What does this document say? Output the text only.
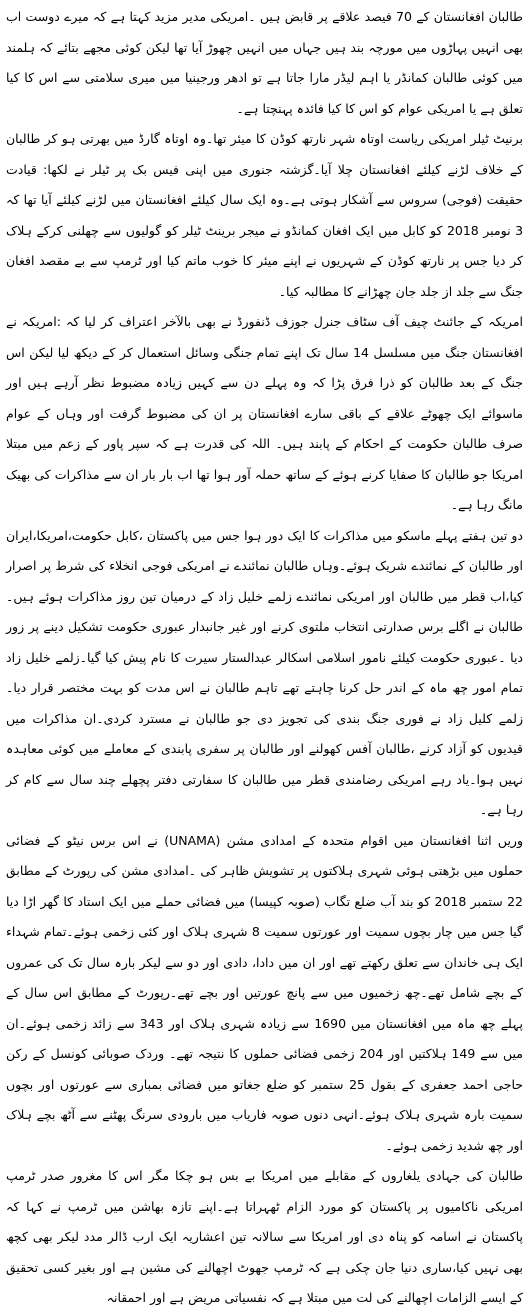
طالبان افغانستان کے 70 فیصد علاقے پر قابض ہیں ۔امریکی مدیر مزید کہتا ہے کہ میرے دوست اب بھی انہیں پہاڑوں میں مورچہ بند ہیں جہاں میں انہیں چھوڑ آیا تھا لیکن کوئی مجھے بتائے کہ ہلمند میں کوئی طالبان کمانڈر یا اہم لیڈر مارا جاتا ہے تو ادھر ورجینیا میں میری سلامتی سے اس کا کیا تعلق ہے یا امریکی عوام کو اس کا کیا فائدہ پہنچتا ہے۔

برنیٹ ٹیلر امریکی ریاست اوتاہ شہر نارتھ کوڈن کا میئر تھا۔وہ اوتاہ گارڈ میں بھرتی ہو کر طالبان کے خلاف لڑنے کیلئے افغانستان چلا آیا۔گزشتہ جنوری میں اپنی فیس بک پر ٹیلر نے لکھا: قیادت حقیقت (فوجی) سروس سے آشکار ہوتی ہے۔وہ ایک سال کیلئے افغانستان میں لڑنے کیلئے آیا تھا کہ 3 نومبر 2018 کو کابل میں ایک افغان کمانڈو نے میجر برینٹ ٹیلر کو گولیوں سے چھلنی کرکے ہلاک کر دیا جس پر نارتھ کوڈن کے شہریوں نے اپنے میئر کا خوب ماتم کیا اور ٹرمپ سے بے مقصد افغان جنگ سے جلد از جلد جان چھڑانے کا مطالبہ کیا۔

امریکہ کے جائنٹ چیف آف سٹاف جنرل جوزف ڈنفورڈ نے بھی بالآخر اعتراف کر لیا کہ :امریکہ نے افغانستان جنگ میں مسلسل 14 سال تک اپنے تمام جنگی وسائل استعمال کر کے دیکھ لیا لیکن اس جنگ کے بعد طالبان کو ذرا فرق پڑا کہ وہ پہلے دن سے کہیں زیادہ مضبوط نظر آرہے ہیں اور ماسوائے ایک چھوٹے علاقے کے باقی سارے افغانستان پر ان کی مضبوط گرفت اور وہاں کے عوام صرف طالبان حکومت کے احکام کے پابند ہیں۔ اللہ کی قدرت ہے کہ سپر پاور کے زعم میں مبتلا امریکا جو طالبان کا صفایا کرنے ہوئے کے ساتھ حملہ آور ہوا تھا اب بار بار ان سے مذاکرات کی بھیک مانگ رہا ہے۔

دو تین ہفتے پہلے ماسکو میں مذاکرات کا ایک دور ہوا جس میں پاکستان ،کابل حکومت،امریکا،ایران اور طالبان کے نمائندے شریک ہوئے۔وہاں طالبان نمائندے نے امریکی فوجی انخلاء کی شرط پر اصرار کیا،اب قطر میں طالبان اور امریکی نمائندے زلمے خلیل زاد کے درمیان تین روز مذاکرات ہوئے ہیں۔طالبان نے اگلے برس صدارتی انتخاب ملتوی کرنے اور غیر جانبدار عبوری حکومت تشکیل دینے پر زور دیا ۔عبوری حکومت کیلئے نامور اسلامی اسکالر عبدالستار سیرت کا نام پیش کیا گیا۔زلمے خلیل زاد تمام امور چھ ماہ کے اندر حل کرنا چاہتے تھے تاہم طالبان نے اس مدت کو بہت مختصر قرار دیا۔زلمے کلیل زاد نے فوری جنگ بندی کی تجویز دی جو طالبان نے مسترد کردی۔ان مذاکرات میں قیدیوں کو آزاد کرنے ،طالبان آفس کھولنے اور طالبان پر سفری پابندی کے معاملے میں کوئی معاہدہ نہیں ہوا۔یاد رہے امریکی رضامندی قطر میں طالبان کا سفارتی دفتر پچھلے چند سال سے کام کر رہا ہے۔

وریں اثنا افغانستان میں اقوام متحدہ کے امدادی مشن (UNAMA) نے اس برس نیٹو کے فضائی حملوں میں بڑھتی ہوئی شہری ہلاکتوں پر تشویش ظاہر کی ۔امدادی مشن کی رپورٹ کے مطابق 22 ستمبر 2018 کو بند آب ضلع تگاب (صوبہ کپیسا) میں فضائی حملے میں ایک استاد کا گھر اڑا دیا گیا جس میں چار بچوں سمیت اور عورتوں سمیت 8 شہری ہلاک اور کئی زخمی ہوئے۔تمام شہداء ایک ہی خاندان سے تعلق رکھتے تھے اور ان میں دادا، دادی اور دو سے لیکر بارہ سال تک کی عمروں کے بچے شامل تھے۔چھ زخمیوں میں سے پانچ عورتیں اور بچے تھے۔رپورٹ کے مطابق اس سال کے پہلے چھ ماہ میں افغانستان میں 1690 سے زیادہ شہری ہلاک اور 343 سے زائد زخمی ہوئے۔ان میں سے 149 ہلاکتیں اور 204 زخمی فضائی حملوں کا نتیجہ تھے۔ وردک صوبائی کونسل کے رکن حاجی احمد جعفری کے بقول 25 ستمبر کو ضلع جغاتو میں فضائی بمباری سے عورتوں اور بچوں سمیت بارہ شہری ہلاک ہوئے۔انہی دنوں صوبہ فاریاب میں بارودی سرنگ پھٹنے سے آٹھ بچے ہلاک اور چھ شدید زخمی ہوئے۔

طالبان کی جہادی یلغاروں کے مقابلے میں امریکا بے بس ہو چکا مگر اس کا مغرور صدر ٹرمپ امریکی ناکامیوں پر پاکستان کو مورد الزام ٹھہراتا ہے۔اپنے تازہ بھاشن میں ٹرمپ نے کہا کہ پاکستان نے اسامہ کو پناہ دی اور امریکا سے سالانہ تین اعشاریہ ایک ارب ڈالر مدد لیکر بھی کچھ بھی نہیں کیا،ساری دنیا جان چکی ہے کہ ٹرمپ جھوٹ اچھالنے کی مشین ہے اور بغیر کسی تحقیق کے ایسے الزامات اچھالنے کی لت میں مبتلا ہے کہ نفسیاتی مریض ہے اور احمقانہ
